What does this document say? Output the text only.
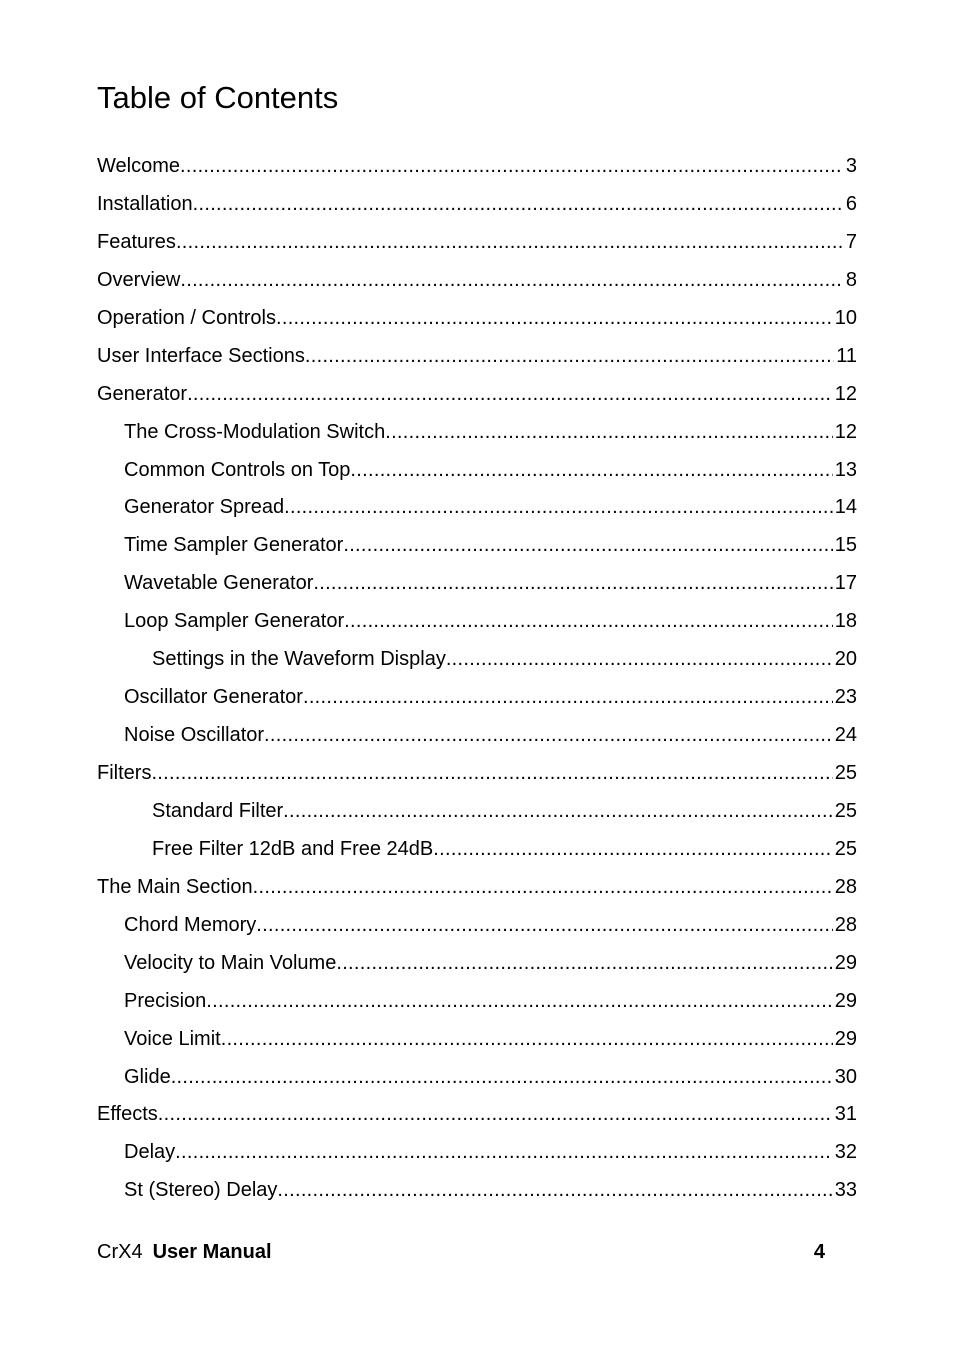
Table of Contents
Welcome .....	3
Installation .....	6
Features .....	7
Overview .....	8
Operation / Controls .....	10
User Interface Sections .....	11
Generator .....	12
The Cross-Modulation Switch .....	12
Common Controls on Top .....	13
Generator Spread .....	14
Time Sampler Generator .....	15
Wavetable Generator .....	17
Loop Sampler Generator .....	18
Settings in the Waveform Display .....	20
Oscillator Generator .....	23
Noise Oscillator .....	24
Filters .....	25
Standard Filter .....	25
Free Filter 12dB and Free 24dB .....	25
The Main Section .....	28
Chord Memory .....	28
Velocity to Main Volume .....	29
Precision .....	29
Voice Limit .....	29
Glide .....	30
Effects .....	31
Delay .....	32
St (Stereo) Delay .....	33
CrX4 User Manual	4
